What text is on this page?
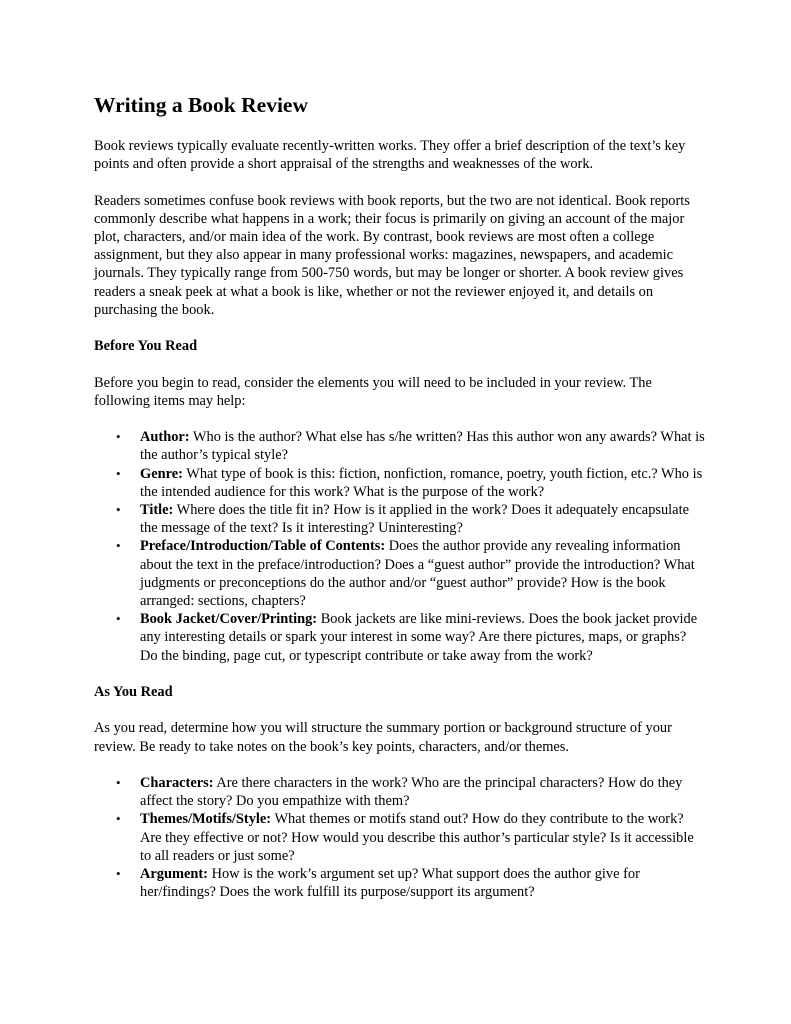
Writing a Book Review

Book reviews typically evaluate recently-written works. They offer a brief description of the text’s key points and often provide a short appraisal of the strengths and weaknesses of the work.

Readers sometimes confuse book reviews with book reports, but the two are not identical. Book reports commonly describe what happens in a work; their focus is primarily on giving an account of the major plot, characters, and/or main idea of the work. By contrast, book reviews are most often a college assignment, but they also appear in many professional works: magazines, newspapers, and academic journals. They typically range from 500-750 words, but may be longer or shorter. A book review gives readers a sneak peek at what a book is like, whether or not the reviewer enjoyed it, and details on purchasing the book.

Before You Read

Before you begin to read, consider the elements you will need to be included in your review. The following items may help:

• Author: Who is the author? What else has s/he written? Has this author won any awards? What is the author’s typical style?
• Genre: What type of book is this: fiction, nonfiction, romance, poetry, youth fiction, etc.? Who is the intended audience for this work? What is the purpose of the work?
• Title: Where does the title fit in? How is it applied in the work? Does it adequately encapsulate the message of the text? Is it interesting? Uninteresting?
• Preface/Introduction/Table of Contents: Does the author provide any revealing information about the text in the preface/introduction? Does a “guest author” provide the introduction? What judgments or preconceptions do the author and/or “guest author” provide? How is the book arranged: sections, chapters?
• Book Jacket/Cover/Printing: Book jackets are like mini-reviews. Does the book jacket provide any interesting details or spark your interest in some way? Are there pictures, maps, or graphs? Do the binding, page cut, or typescript contribute or take away from the work?
As You Read

As you read, determine how you will structure the summary portion or background structure of your review. Be ready to take notes on the book’s key points, characters, and/or themes.

• Characters: Are there characters in the work? Who are the principal characters? How do they affect the story? Do you empathize with them?
• Themes/Motifs/Style: What themes or motifs stand out? How do they contribute to the work? Are they effective or not? How would you describe this author’s particular style? Is it accessible to all readers or just some?
• Argument: How is the work’s argument set up? What support does the author give for her/findings? Does the work fulfill its purpose/support its argument?
